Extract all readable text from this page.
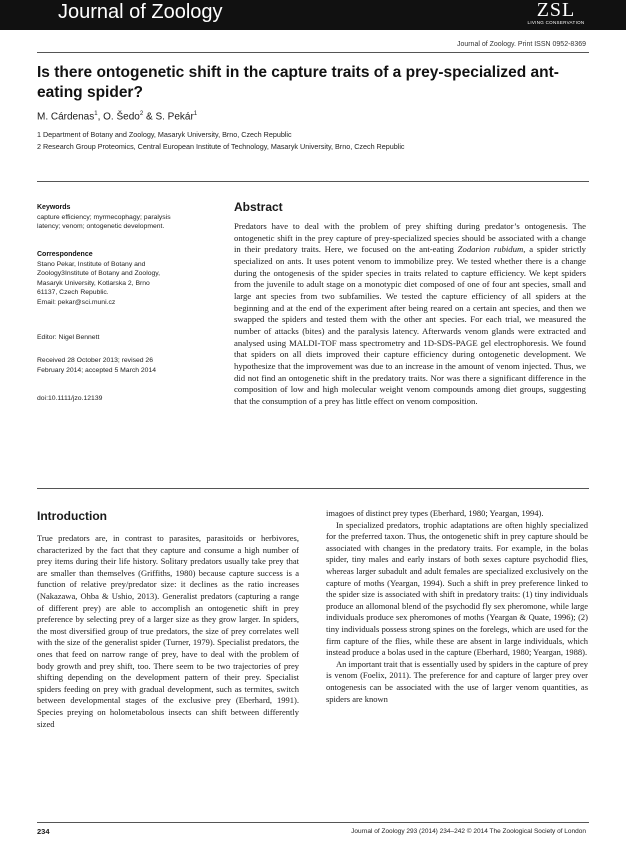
Journal of Zoology	ZSL
LIVING CONSERVATION
Journal of Zoology. Print ISSN 0952-8369
Is there ontogenetic shift in the capture traits of a prey-specialized ant-eating spider?
M. Cárdenas$^1$, O. Šedo$^2$ & S. Pekár$^1$
1 Department of Botany and Zoology, Masaryk University, Brno, Czech Republic
2 Research Group Proteomics, Central European Institute of Technology, Masaryk University, Brno, Czech Republic
Keywords
capture efficiency; myrmecophagy; paralysis
latency; venom; ontogenetic development.
Correspondence
Stano Pekar, Institute of Botany and
Zoology3Institute of Botany and Zoology,
Masaryk University, Kotlarska 2, Brno
61137, Czech Republic.
Email: pekar@sci.muni.cz
Editor: Nigel Bennett
Received 28 October 2013; revised 26
February 2014; accepted 5 March 2014
doi:10.1111/jzo.12139
Abstract
Predators have to deal with the problem of prey shifting during predator’s ontogenesis. The ontogenetic shift in the prey capture of prey-specialized species should be associated with a change in their predatory traits. Here, we focused on the ant-eating Zodarion rubidum, a spider strictly specialized on ants. It uses potent venom to immobilize prey. We tested whether there is a change during the ontogenesis of the spider species in traits related to capture efficiency. We kept spiders from the juvenile to adult stage on a monotypic diet composed of one of four ant species, small and large ant species from two subfamilies. We tested the capture efficiency of all spiders at the beginning and at the end of the experiment after being reared on a certain ant species, and then we swapped the spiders and tested them with the other ant species. For each trial, we measured the number of attacks (bites) and the paralysis latency. Afterwards venom glands were extracted and analysed using MALDI-TOF mass spectrometry and 1D-SDS-PAGE gel electrophoresis. We found that spiders on all diets improved their capture efficiency during ontogenetic development. We hypothesize that the improvement was due to an increase in the amount of venom injected. Thus, we did not find an ontogenetic shift in the predatory traits. Nor was there a significant difference in the composition of low and high molecular weight venom compounds among diet groups, suggesting that the consumption of a prey has little effect on venom composition.
Introduction

True predators are, in contrast to parasites, parasitoids or herbivores, characterized by the fact that they capture and consume a high number of prey items during their life history. Solitary predators usually take prey that are smaller than themselves (Griffiths, 1980) because capture success is a function of relative prey/predator size: it declines as the ratio increases (Nakazawa, Ohba & Ushio, 2013). Generalist predators (capturing a range of different prey) are able to accomplish an ontogenetic shift in prey preference by selecting prey of a larger size as they grow larger. In spiders, the most diversified group of true predators, the size of prey correlates well with the size of the generalist spider (Turner, 1979). Specialist predators, the ones that feed on narrow range of prey, have to deal with the problem of body growth and prey shift, too. There seem to be two trajectories of prey shifting depending on the development pattern of their prey. Specialist spiders feeding on prey with gradual development, such as termites, switch between developmental stages of the exclusive prey (Eberhard, 1991). Species preying on holometabolous insects can shift between differently sized

imagoes of distinct prey types (Eberhard, 1980; Yeargan, 1994).

In specialized predators, trophic adaptations are often highly specialized for the preferred taxon. Thus, the ontogenetic shift in prey capture should be associated with changes in the predatory traits. For example, in the bolas spider, tiny males and early instars of both sexes capture psychodid flies, whereas larger subadult and adult females are specialized exclusively on the capture of moths (Yeargan, 1994). Such a shift in prey preference linked to the spider size is associated with shift in predatory traits: (1) tiny individuals produce an allomonal blend of the psychodid fly sex pheromone, while large individuals produce sex pheromones of moths (Yeargan & Quate, 1996); (2) tiny individuals possess strong spines on the forelegs, which are used for the firm capture of the flies, while these are absent in large individuals, which instead produce a bolas used in the capture (Eberhard, 1980; Yeargan, 1988).

An important trait that is essentially used by spiders in the capture of prey is venom (Foelix, 2011). The preference for and capture of larger prey over ontogenesis can be associated with the use of larger venom quantities, as spiders are known

234	Journal of Zoology 293 (2014) 234–242 © 2014 The Zoological Society of London
